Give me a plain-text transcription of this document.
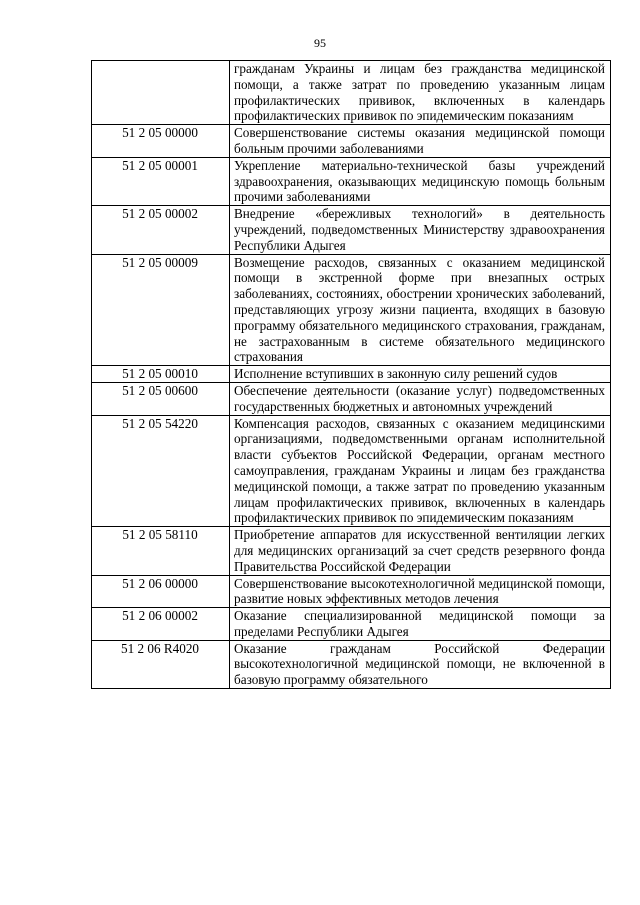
95
	гражданам Украины и лицам без гражданства медицинской помощи, а также затрат по проведению указанным лицам профилактических прививок, включенных в календарь профилактических прививок по эпидемическим показаниям
51 2 05 00000	Совершенствование системы оказания медицинской помощи больным прочими заболеваниями
51 2 05 00001	Укрепление материально-технической базы учреждений здравоохранения, оказывающих медицинскую помощь больным прочими заболеваниями
51 2 05 00002	Внедрение «бережливых технологий» в деятельность учреждений, подведомственных Министерству здравоохранения Республики Адыгея
51 2 05 00009	Возмещение расходов, связанных с оказанием медицинской помощи в экстренной форме при внезапных острых заболеваниях, состояниях, обострении хронических заболеваний, представляющих угрозу жизни пациента, входящих в базовую программу обязательного медицинского страхования, гражданам, не застрахованным в системе обязательного медицинского страхования
51 2 05 00010	Исполнение вступивших в законную силу решений судов
51 2 05 00600	Обеспечение деятельности (оказание услуг) подведомственных государственных бюджетных и автономных учреждений
51 2 05 54220	Компенсация расходов, связанных с оказанием медицинскими организациями, подведомственными органам исполнительной власти субъектов Российской Федерации, органам местного самоуправления, гражданам Украины и лицам без гражданства медицинской помощи, а также затрат по проведению указанным лицам профилактических прививок, включенных в календарь профилактических прививок по эпидемическим показаниям
51 2 05 58110	Приобретение аппаратов для искусственной вентиляции легких для медицинских организаций за счет средств резервного фонда Правительства Российской Федерации
51 2 06 00000	Совершенствование высокотехнологичной медицинской помощи, развитие новых эффективных методов лечения
51 2 06 00002	Оказание специализированной медицинской помощи за пределами Республики Адыгея
51 2 06 R4020	Оказание гражданам Российской Федерации высокотехнологичной медицинской помощи, не включенной в базовую программу обязательного
